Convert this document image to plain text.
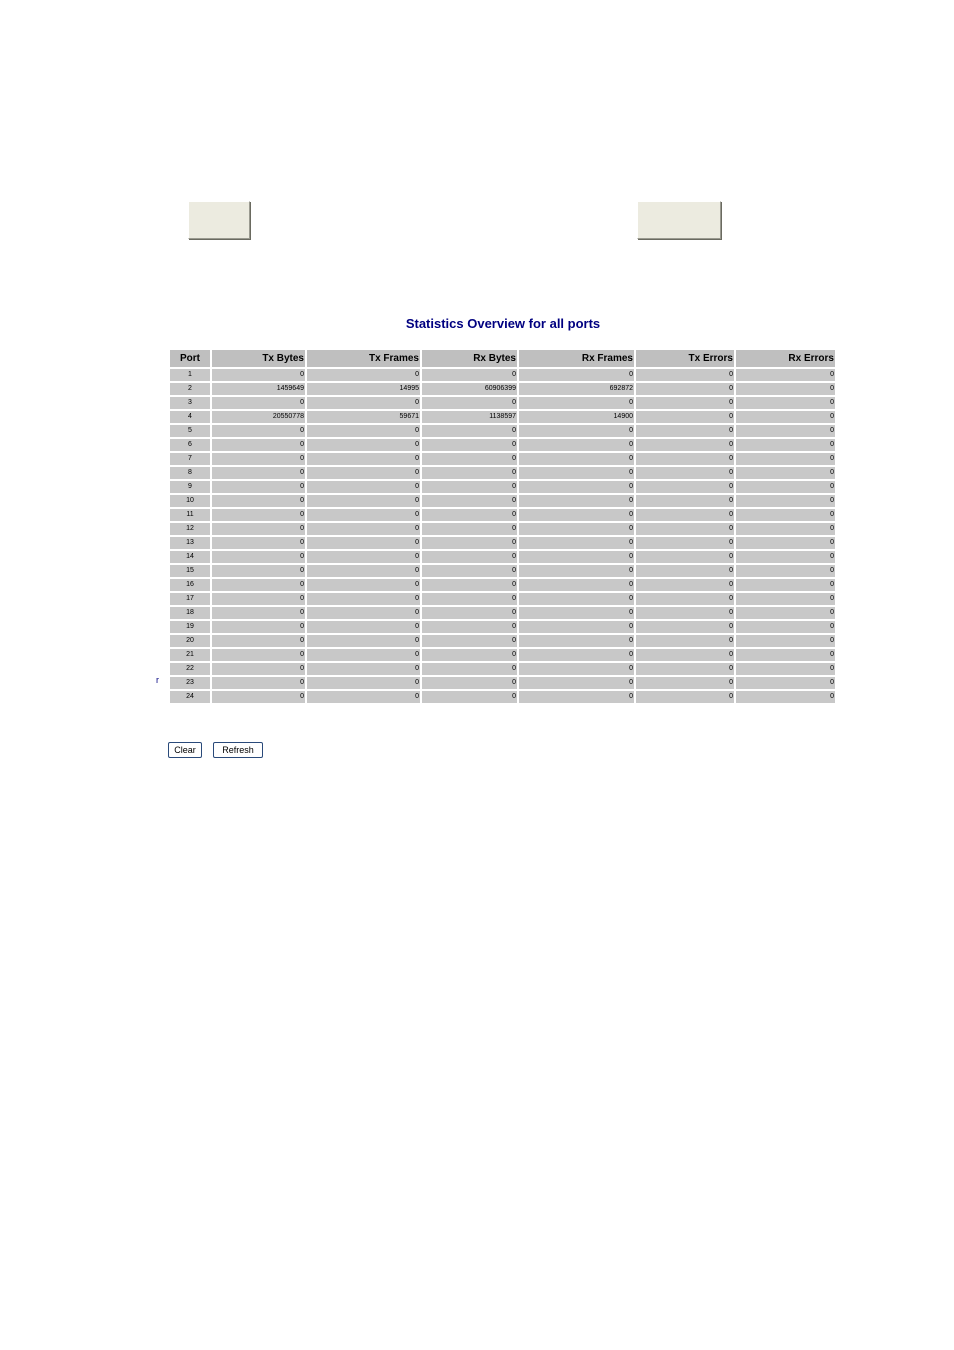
Statistics Overview for all ports
r
Port	Tx Bytes	Tx Frames	Rx Bytes	Rx Frames	Tx Errors	Rx Errors
1	0	0	0	0	0	0
2	1459649	14995	60906399	692872	0	0
3	0	0	0	0	0	0
4	20550778	59671	1138597	14900	0	0
5	0	0	0	0	0	0
6	0	0	0	0	0	0
7	0	0	0	0	0	0
8	0	0	0	0	0	0
9	0	0	0	0	0	0
10	0	0	0	0	0	0
11	0	0	0	0	0	0
12	0	0	0	0	0	0
13	0	0	0	0	0	0
14	0	0	0	0	0	0
15	0	0	0	0	0	0
16	0	0	0	0	0	0
17	0	0	0	0	0	0
18	0	0	0	0	0	0
19	0	0	0	0	0	0
20	0	0	0	0	0	0
21	0	0	0	0	0	0
22	0	0	0	0	0	0
23	0	0	0	0	0	0
24	0	0	0	0	0	0
Clear	Refresh
